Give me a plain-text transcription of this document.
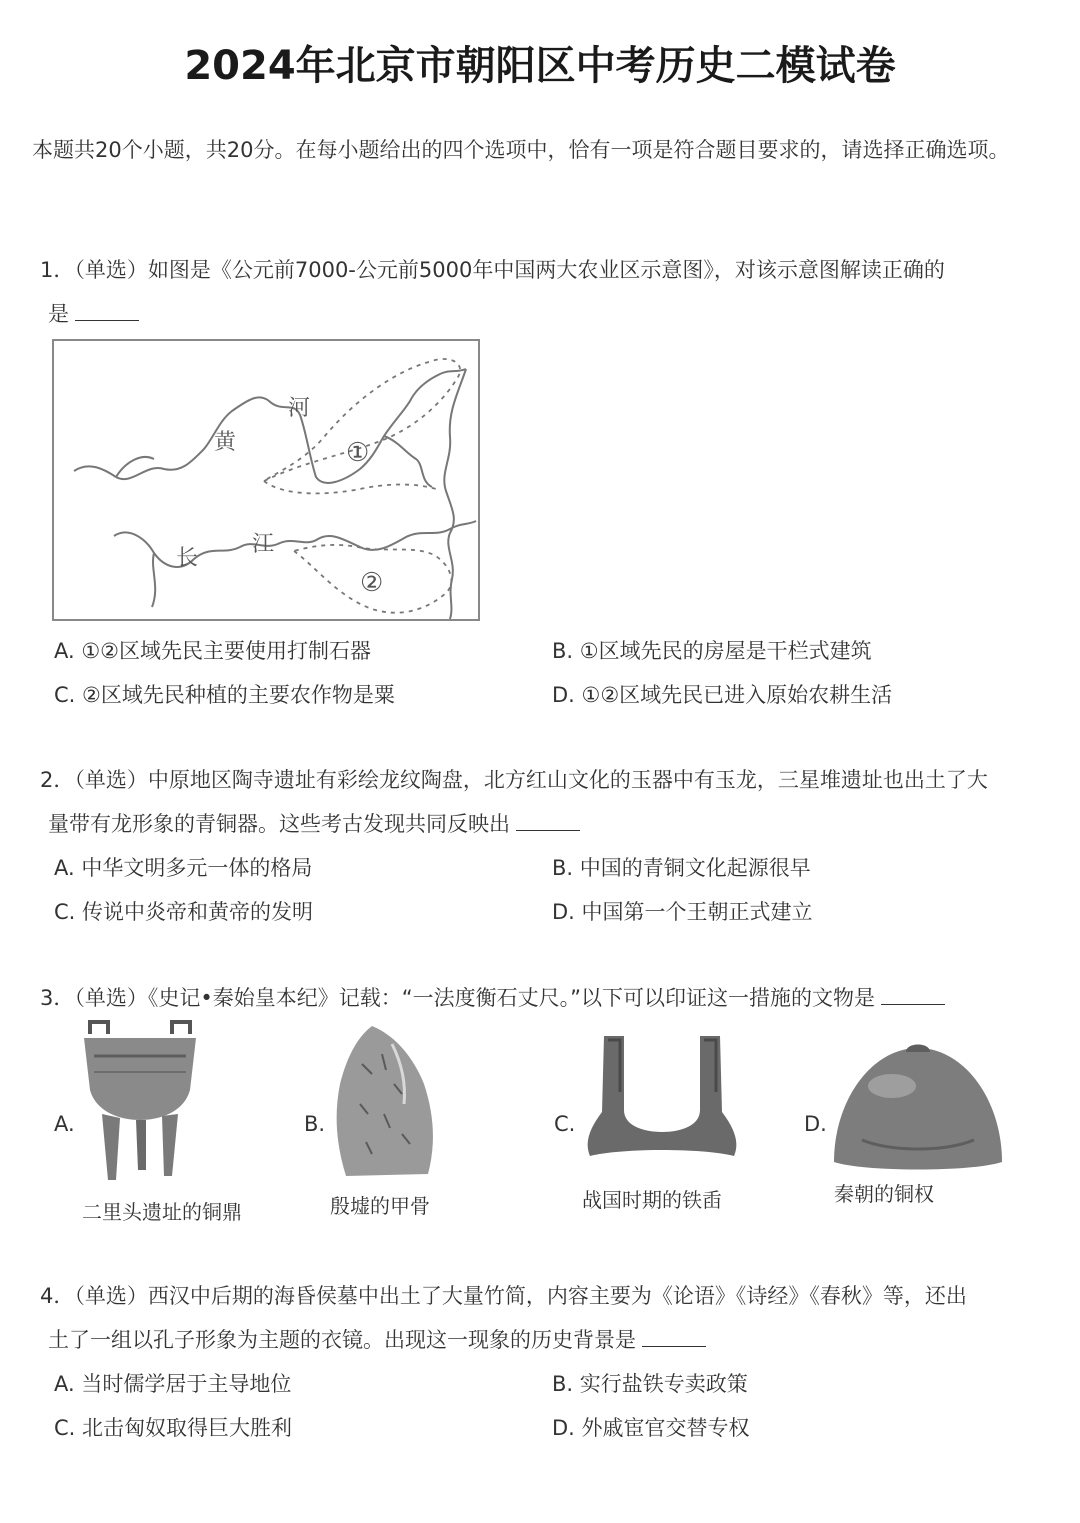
2024年北京市朝阳区中考历史二模试卷
本题共20个小题，共20分。在每小题给出的四个选项中，恰有一项是符合题目要求的，请选择正确选项。
1．（单选）如图是《公元前7000-公元前5000年中国两大农业区示意图》，对该示意图解读正确的
是
黄
河
长
江
①
②
A. ①②区域先民主要使用打制石器	B. ①区域先民的房屋是干栏式建筑
C. ②区域先民种植的主要农作物是粟	D. ①②区域先民已进入原始农耕生活
2．（单选）中原地区陶寺遗址有彩绘龙纹陶盘，北方红山文化的玉器中有玉龙，三星堆遗址也出土了大
量带有龙形象的青铜器。这些考古发现共同反映出
A. 中华文明多元一体的格局	B. 中国的青铜文化起源很早
C. 传说中炎帝和黄帝的发明	D. 中国第一个王朝正式建立
3．（单选）《史记•秦始皇本纪》记载：“一法度衡石丈尺。”以下可以印证这一措施的文物是
A.
二里头遗址的铜鼎
B.
殷墟的甲骨
C.
战国时期的铁臿
D.
秦朝的铜权
4．（单选）西汉中后期的海昏侯墓中出土了大量竹简，内容主要为《论语》《诗经》《春秋》等，还出
土了一组以孔子形象为主题的衣镜。出现这一现象的历史背景是
A. 当时儒学居于主导地位	B. 实行盐铁专卖政策
C. 北击匈奴取得巨大胜利	D. 外戚宦官交替专权
